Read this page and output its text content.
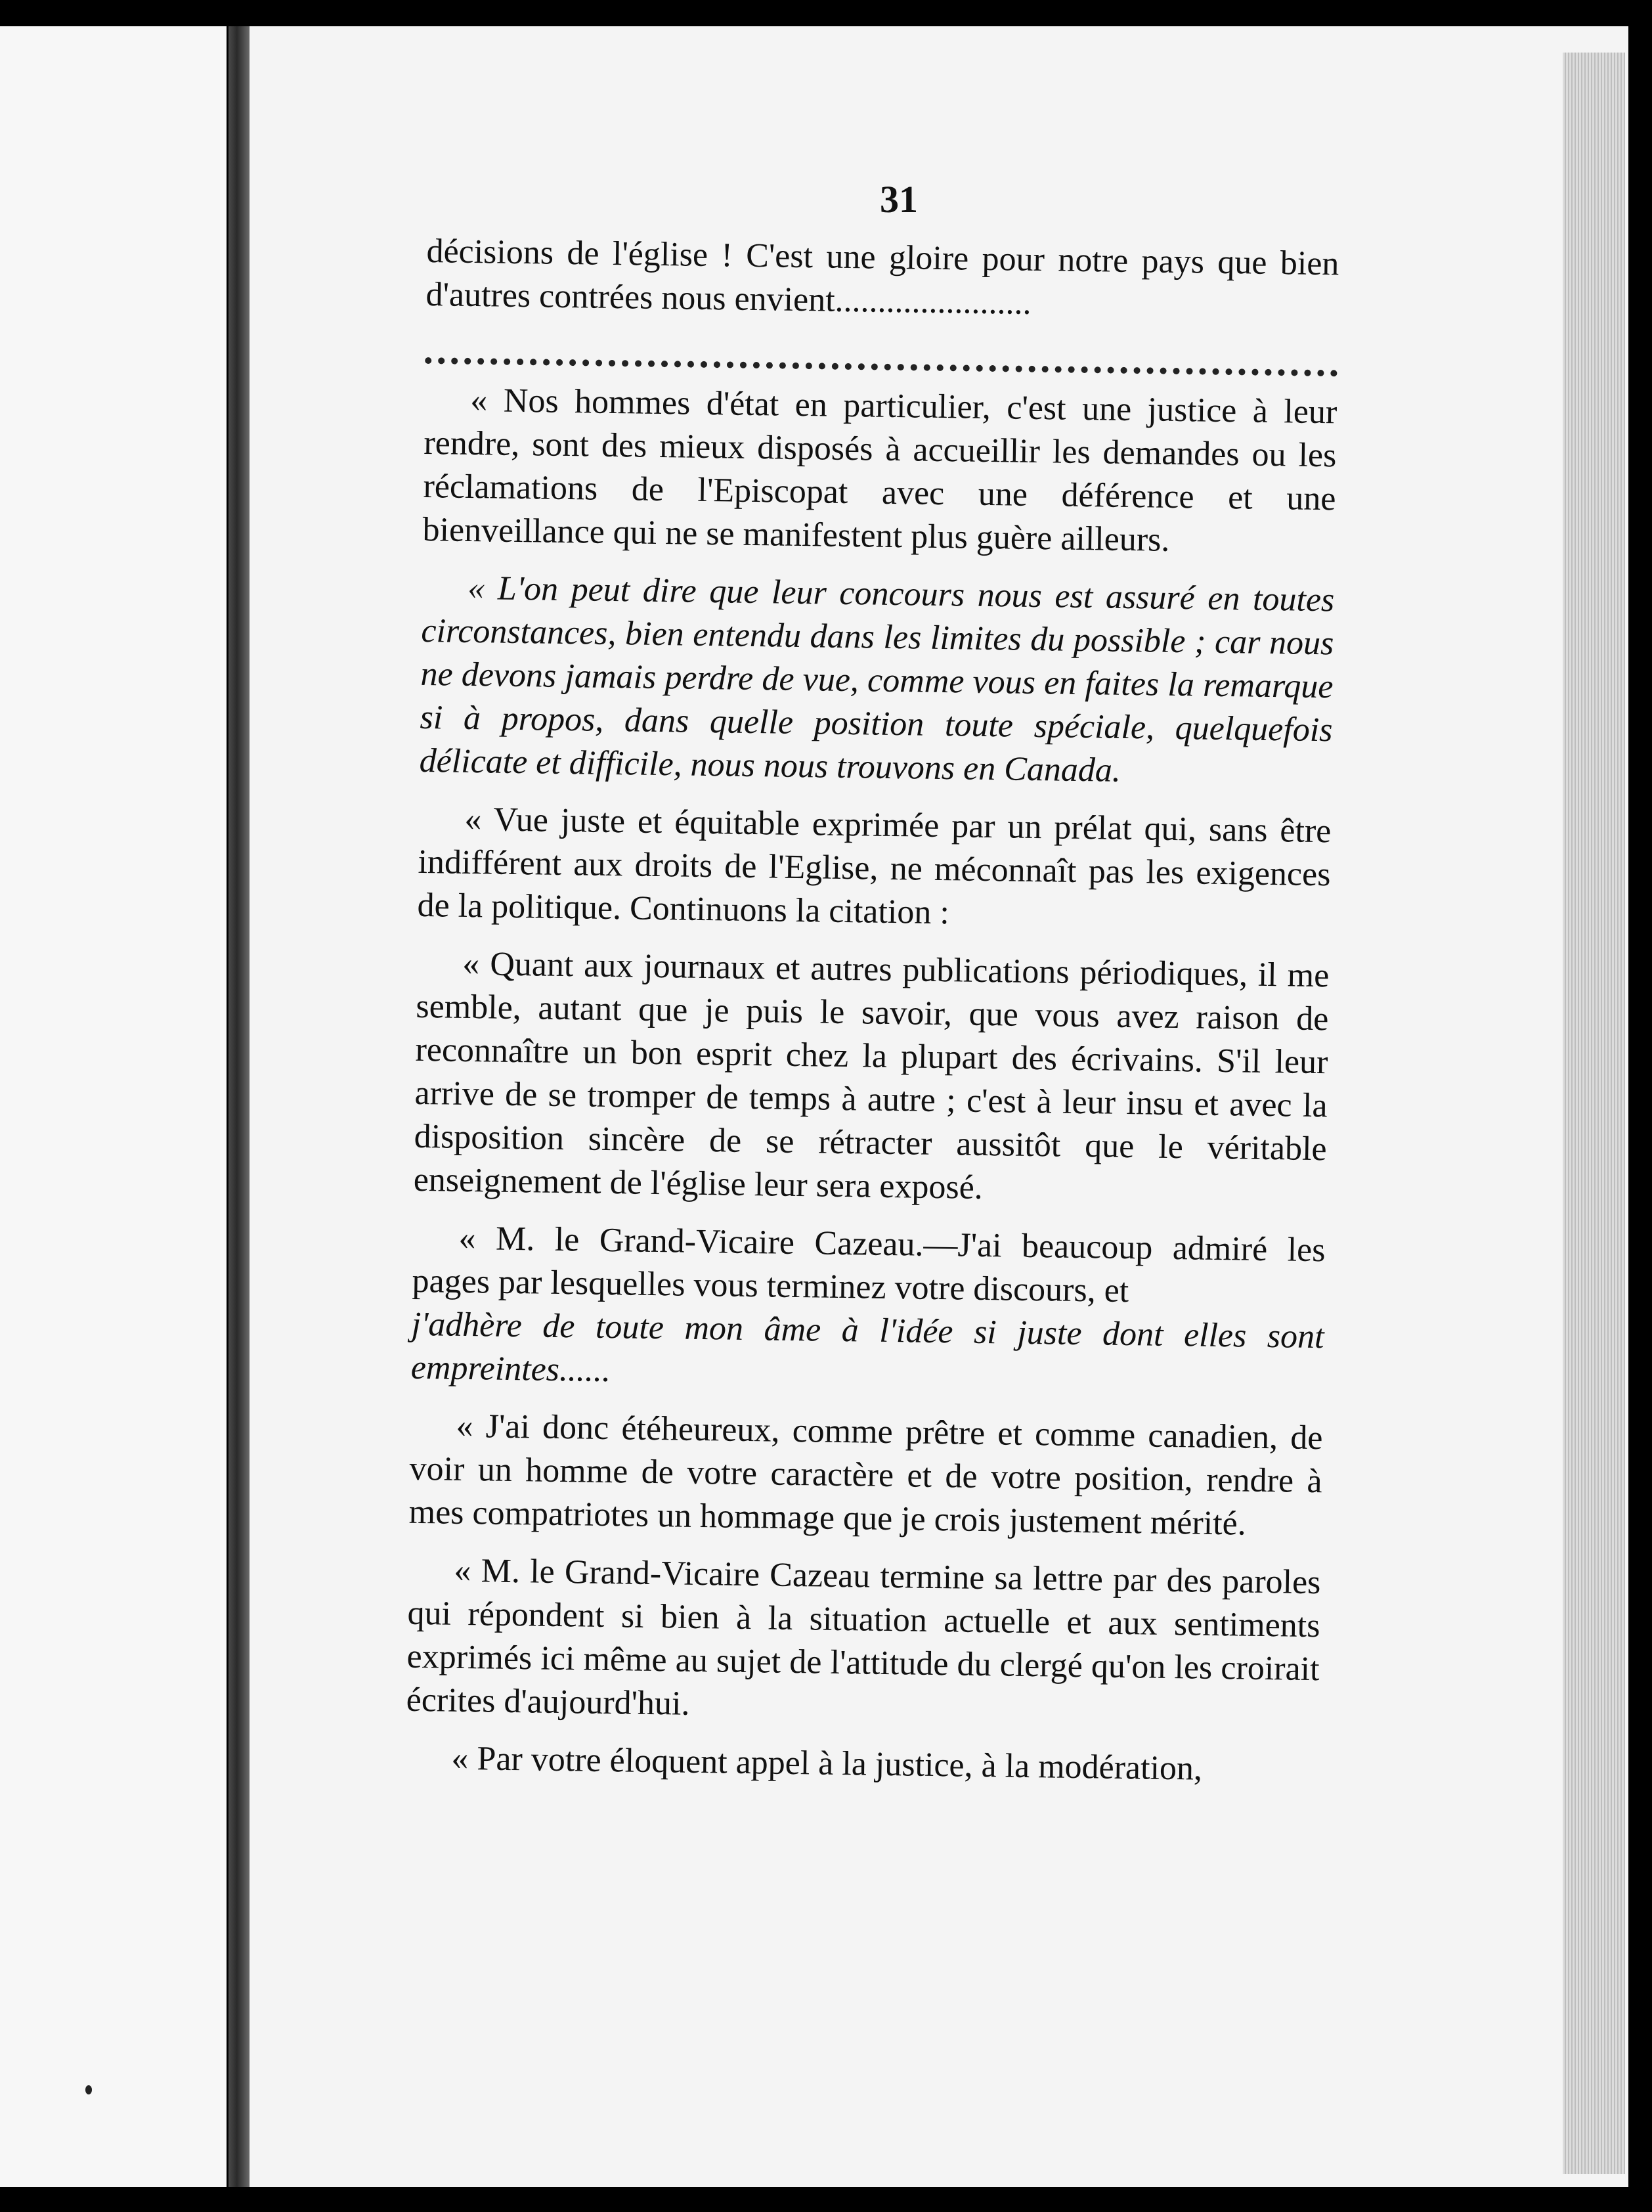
31

décisions de l'église ! C'est une gloire pour notre pays que bien d'autres contrées nous envient.......................

« Nos hommes d'état en particulier, c'est une justice à leur rendre, sont des mieux disposés à accueillir les demandes ou les réclamations de l'Episcopat avec une déférence et une bienveillance qui ne se manifestent plus guère ailleurs.

« L'on peut dire que leur concours nous est assuré en toutes circonstances, bien entendu dans les limites du possible ; car nous ne devons jamais perdre de vue, comme vous en faites la remarque si à propos, dans quelle position toute spéciale, quelquefois délicate et difficile, nous nous trouvons en Canada.

« Vue juste et équitable exprimée par un prélat qui, sans être indifférent aux droits de l'Eglise, ne méconnaît pas les exigences de la politique. Continuons la citation :

« Quant aux journaux et autres publications périodiques, il me semble, autant que je puis le savoir, que vous avez raison de reconnaître un bon esprit chez la plupart des écrivains. S'il leur arrive de se tromper de temps à autre ; c'est à leur insu et avec la disposition sincère de se rétracter aussitôt que le véritable enseignement de l'église leur sera exposé.

« M. le Grand-Vicaire Cazeau.—J'ai beaucoup admiré les pages par lesquelles vous terminez votre discours, et

j'adhère de toute mon âme à l'idée si juste dont elles sont empreintes......

« J'ai donc étéheureux, comme prêtre et comme canadien, de voir un homme de votre caractère et de votre position, rendre à mes compatriotes un hommage que je crois justement mérité.

« M. le Grand-Vicaire Cazeau termine sa lettre par des paroles qui répondent si bien à la situation actuelle et aux sentiments exprimés ici même au sujet de l'attitude du clergé qu'on les croirait écrites d'aujourd'hui.

« Par votre éloquent appel à la justice, à la modération,
